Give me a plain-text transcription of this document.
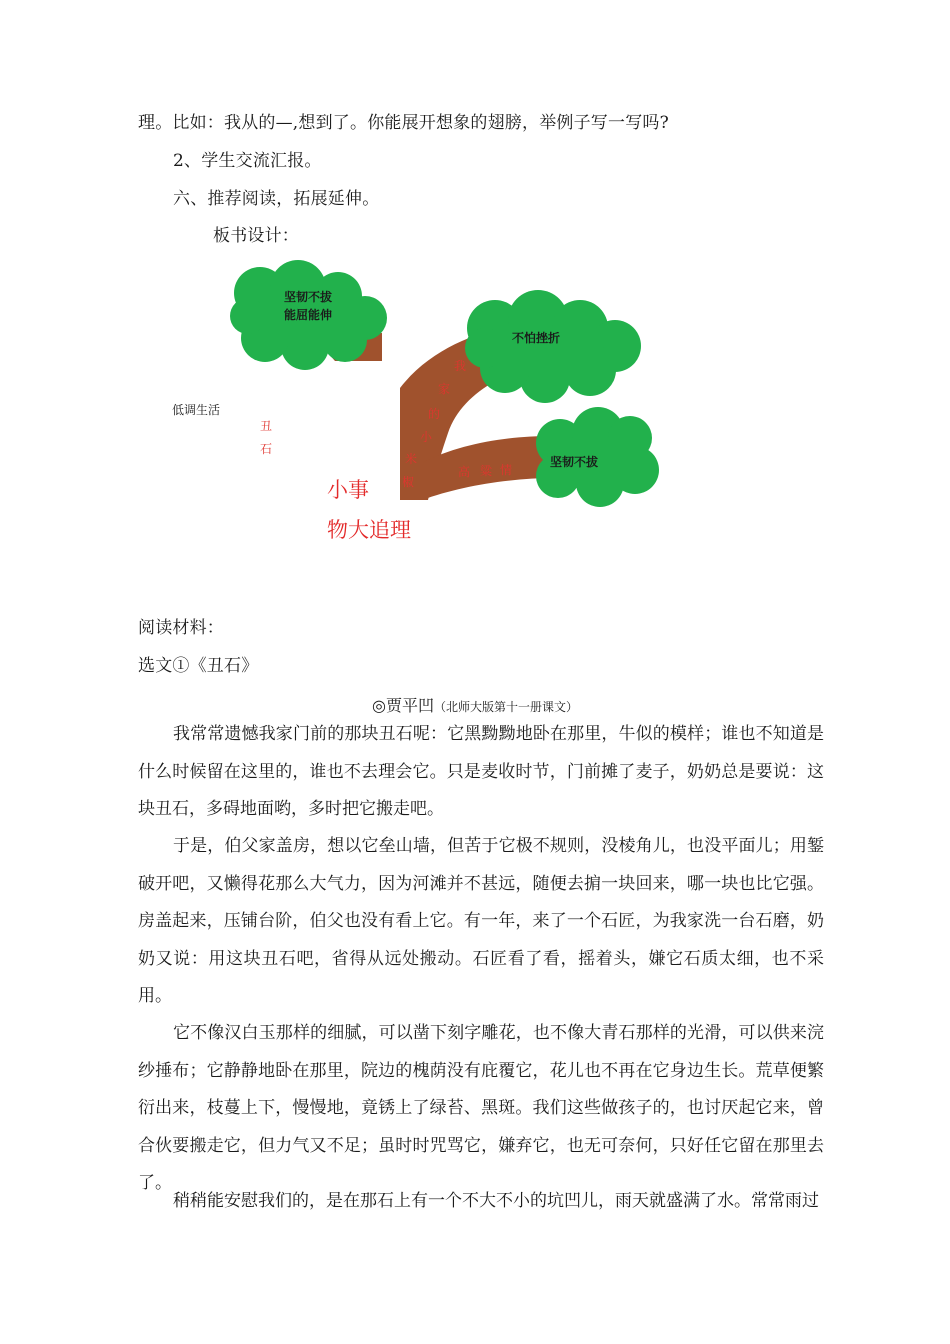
理。比如：我从的—,想到了。你能展开想象的翅膀，举例子写一写吗?
2、学生交流汇报。
六、推荐阅读，拓展延伸。
板书设计：
坚韧不拔
能屈能伸
不怕挫折
坚韧不拔
我
家
的
小
米
椒
高 粱 情
丑
石
低调生活
小事
物大追理
阅读材料：
选文①《丑石》
◎贾平凹（北师大版第十一册课文）
我常常遗憾我家门前的那块丑石呢：它黑黝黝地卧在那里，牛似的模样；谁也不知道是什么时候留在这里的，谁也不去理会它。只是麦收时节，门前摊了麦子，奶奶总是要说：这块丑石，多碍地面哟，多时把它搬走吧。
于是，伯父家盖房，想以它垒山墙，但苦于它极不规则，没棱角儿，也没平面儿；用錾破开吧，又懒得花那么大气力，因为河滩并不甚远，随便去掮一块回来，哪一块也比它强。房盖起来，压铺台阶，伯父也没有看上它。有一年，来了一个石匠，为我家洗一台石磨，奶奶又说：用这块丑石吧，省得从远处搬动。石匠看了看，摇着头，嫌它石质太细，也不采用。
它不像汉白玉那样的细腻，可以凿下刻字雕花，也不像大青石那样的光滑，可以供来浣纱捶布；它静静地卧在那里，院边的槐荫没有庇覆它，花儿也不再在它身边生长。荒草便繁衍出来，枝蔓上下，慢慢地，竟锈上了绿苔、黑斑。我们这些做孩子的，也讨厌起它来，曾合伙要搬走它，但力气又不足；虽时时咒骂它，嫌弃它，也无可奈何，只好任它留在那里去了。
稍稍能安慰我们的，是在那石上有一个不大不小的坑凹儿，雨天就盛满了水。常常雨过
